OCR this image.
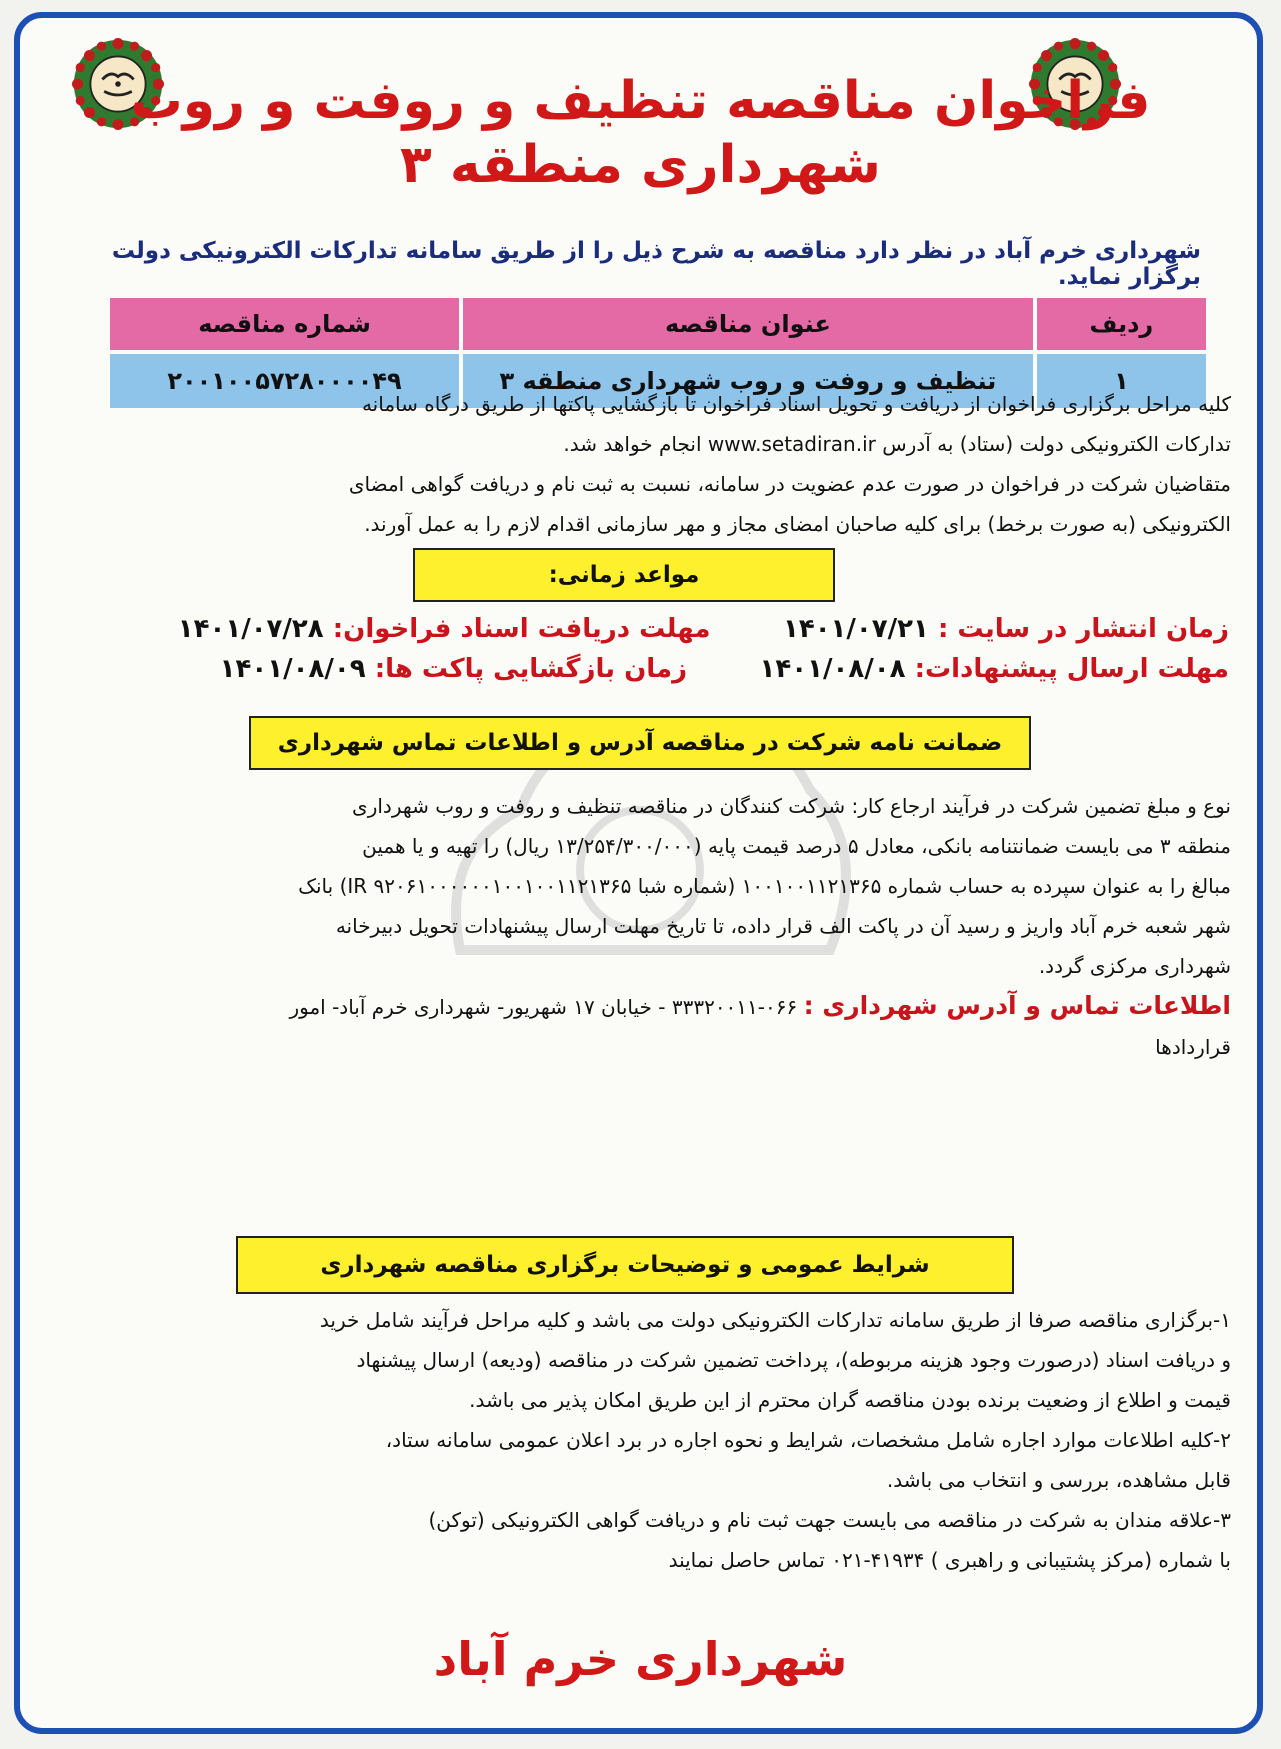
فراخوان مناقصه تنظیف و روفت و روب
شهرداری منطقه ۳
شهرداری خرم آباد در نظر دارد مناقصه به شرح ذیل را از طریق سامانه تدارکات الکترونیکی دولت برگزار نماید.
ردیف	عنوان مناقصه	شماره مناقصه
۱	تنظیف و روفت و روب شهرداری منطقه ۳	۲۰۰۱۰۰۵۷۲۸۰۰۰۰۴۹
کلیه مراحل برگزاری فراخوان از دریافت و تحویل اسناد فراخوان تا بازگشایی پاکتها از طریق درگاه سامانه
تدارکات الکترونیکی دولت (ستاد) به آدرس www.setadiran.ir انجام خواهد شد.
متقاضیان شرکت در فراخوان در صورت عدم عضویت در سامانه، نسبت به ثبت نام و دریافت گواهی امضای
الکترونیکی (به صورت برخط) برای کلیه صاحبان امضای مجاز و مهر سازمانی اقدام لازم را به عمل آورند.
مواعد زمانی:
زمان انتشار در سایت : ۱۴۰۱/۰۷/۲۱        مهلت دریافت اسناد فراخوان: ۱۴۰۱/۰۷/۲۸
مهلت ارسال پیشنهادات: ۱۴۰۱/۰۸/۰۸        زمان بازگشایی پاکت ها: ۱۴۰۱/۰۸/۰۹
ضمانت نامه شرکت در مناقصه آدرس و اطلاعات تماس شهرداری
نوع و مبلغ تضمین شرکت در فرآیند ارجاع کار: شرکت کنندگان در مناقصه تنظیف و روفت و روب شهرداری
منطقه ۳ می بایست ضمانتنامه بانکی، معادل ۵ درصد قیمت پایه (۱۳/۲۵۴/۳۰۰/۰۰۰ ریال) را تهیه و یا همین
مبالغ را به عنوان سپرده به حساب شماره ۱۰۰۱۰۰۱۱۲۱۳۶۵ (شماره شبا IR ۹۲۰۶۱۰۰۰۰۰۰۱۰۰۱۰۰۱۱۲۱۳۶۵) بانک
شهر شعبه خرم آباد واریز و رسید آن در پاکت الف قرار داده، تا تاریخ مهلت ارسال پیشنهادات تحویل دبیرخانه
شهرداری مرکزی گردد.
اطلاعات تماس و آدرس شهرداری : ۰۶۶-۳۳۳۲۰۰۱۱ - خیابان ۱۷ شهریور- شهرداری خرم آباد- امور
قراردادها
شرایط عمومی و توضیحات برگزاری مناقصه شهرداری
۱-برگزاری مناقصه صرفا از طریق سامانه تدارکات الکترونیکی دولت می باشد و کلیه مراحل فرآیند شامل خرید
و دریافت اسناد (درصورت وجود هزینه مربوطه)، پرداخت تضمین شرکت در مناقصه (ودیعه) ارسال پیشنهاد
قیمت و اطلاع از وضعیت برنده بودن مناقصه گران محترم از این طریق امکان پذیر می باشد.
۲-کلیه اطلاعات موارد اجاره شامل مشخصات، شرایط و نحوه اجاره در برد اعلان عمومی سامانه ستاد،
قابل مشاهده، بررسی و انتخاب می باشد.
۳-علاقه مندان به شرکت در مناقصه می بایست جهت ثبت نام و دریافت گواهی الکترونیکی (توکن)
با شماره (مرکز پشتیبانی و راهبری ) ۴۱۹۳۴-۰۲۱ تماس حاصل نمایند
شهرداری خرم آباد
